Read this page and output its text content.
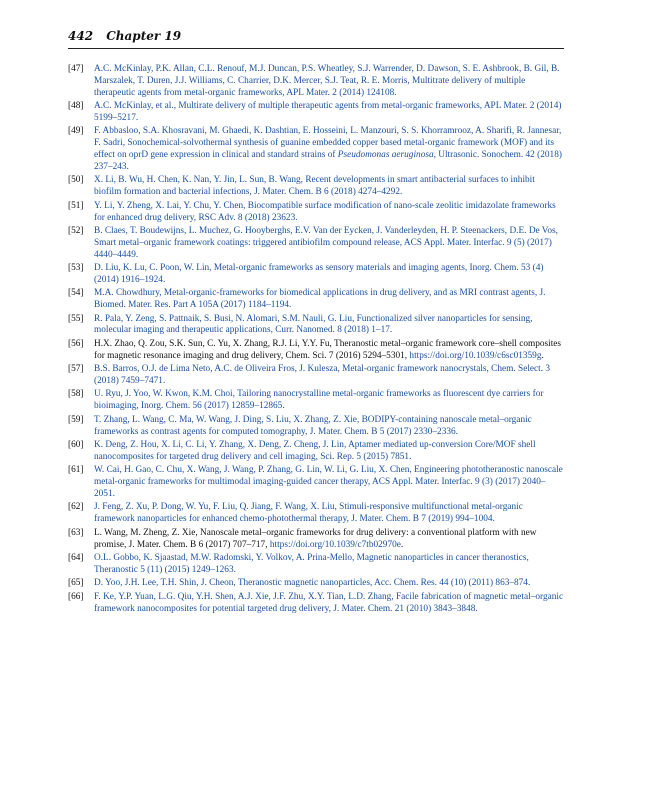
442 Chapter 19
[47] A.C. McKinlay, P.K. Allan, C.L. Renouf, M.J. Duncan, P.S. Wheatley, S.J. Warrender, D. Dawson, S. E. Ashbrook, B. Gil, B. Marszalek, T. Duren, J.J. Williams, C. Charrier, D.K. Mercer, S.J. Teat, R. E. Morris, Multitrate delivery of multiple therapeutic agents from metal-organic frameworks, APL Mater. 2 (2014) 124108.
[48] A.C. McKinlay, et al., Multirate delivery of multiple therapeutic agents from metal-organic frameworks, APL Mater. 2 (2014) 5199–5217.
[49] F. Abbasloo, S.A. Khosravani, M. Ghaedi, K. Dashtian, E. Hosseini, L. Manzouri, S. S. Khorramrooz, A. Sharifi, R. Jannesar, F. Sadri, Sonochemical-solvothermal synthesis of guanine embedded copper based metal-organic framework (MOF) and its effect on oprD gene expression in clinical and standard strains of Pseudomonas aeruginosa, Ultrasonic. Sonochem. 42 (2018) 237–243.
[50] X. Li, B. Wu, H. Chen, K. Nan, Y. Jin, L. Sun, B. Wang, Recent developments in smart antibacterial surfaces to inhibit biofilm formation and bacterial infections, J. Mater. Chem. B 6 (2018) 4274–4292.
[51] Y. Li, Y. Zheng, X. Lai, Y. Chu, Y. Chen, Biocompatible surface modification of nano-scale zeolitic imidazolate frameworks for enhanced drug delivery, RSC Adv. 8 (2018) 23623.
[52] B. Claes, T. Boudewijns, L. Muchez, G. Hooyberghs, E.V. Van der Eycken, J. Vanderleyden, H. P. Steenackers, D.E. De Vos, Smart metal–organic framework coatings: triggered antibiofilm compound release, ACS Appl. Mater. Interfac. 9 (5) (2017) 4440–4449.
[53] D. Liu, K. Lu, C. Poon, W. Lin, Metal-organic frameworks as sensory materials and imaging agents, Inorg. Chem. 53 (4) (2014) 1916–1924.
[54] M.A. Chowdhury, Metal-organic-frameworks for biomedical applications in drug delivery, and as MRI contrast agents, J. Biomed. Mater. Res. Part A 105A (2017) 1184–1194.
[55] R. Pala, Y. Zeng, S. Pattnaik, S. Busi, N. Alomari, S.M. Nauli, G. Liu, Functionalized silver nanoparticles for sensing, molecular imaging and therapeutic applications, Curr. Nanomed. 8 (2018) 1–17.
[56] H.X. Zhao, Q. Zou, S.K. Sun, C. Yu, X. Zhang, R.J. Li, Y.Y. Fu, Theranostic metal–organic framework core–shell composites for magnetic resonance imaging and drug delivery, Chem. Sci. 7 (2016) 5294–5301, https://doi.org/10.1039/c6sc01359g.
[57] B.S. Barros, O.J. de Lima Neto, A.C. de Oliveira Fros, J. Kulesza, Metal-organic framework nanocrystals, Chem. Select. 3 (2018) 7459–7471.
[58] U. Ryu, J. Yoo, W. Kwon, K.M. Choi, Tailoring nanocrystalline metal-organic frameworks as fluorescent dye carriers for bioimaging, Inorg. Chem. 56 (2017) 12859–12865.
[59] T. Zhang, L. Wang, C. Ma, W. Wang, J. Ding, S. Liu, X. Zhang, Z. Xie, BODIPY-containing nanoscale metal–organic frameworks as contrast agents for computed tomography, J. Mater. Chem. B 5 (2017) 2330–2336.
[60] K. Deng, Z. Hou, X. Li, C. Li, Y. Zhang, X. Deng, Z. Cheng, J. Lin, Aptamer mediated up-conversion Core/MOF shell nanocomposites for targeted drug delivery and cell imaging, Sci. Rep. 5 (2015) 7851.
[61] W. Cai, H. Gao, C. Chu, X. Wang, J. Wang, P. Zhang, G. Lin, W. Li, G. Liu, X. Chen, Engineering phototheranostic nanoscale metal-organic frameworks for multimodal imaging-guided cancer therapy, ACS Appl. Mater. Interfac. 9 (3) (2017) 2040–2051.
[62] J. Feng, Z. Xu, P. Dong, W. Yu, F. Liu, Q. Jiang, F. Wang, X. Liu, Stimuli-responsive multifunctional metal-organic framework nanoparticles for enhanced chemo-photothermal therapy, J. Mater. Chem. B 7 (2019) 994–1004.
[63] L. Wang, M. Zheng, Z. Xie, Nanoscale metal–organic frameworks for drug delivery: a conventional platform with new promise, J. Mater. Chem. B 6 (2017) 707–717, https://doi.org/10.1039/c7tb02970e.
[64] O.L. Gobbo, K. Sjaastad, M.W. Radomski, Y. Volkov, A. Prina-Mello, Magnetic nanoparticles in cancer theranostics, Theranostic 5 (11) (2015) 1249–1263.
[65] D. Yoo, J.H. Lee, T.H. Shin, J. Cheon, Theranostic magnetic nanoparticles, Acc. Chem. Res. 44 (10) (2011) 863–874.
[66] F. Ke, Y.P. Yuan, L.G. Qiu, Y.H. Shen, A.J. Xie, J.F. Zhu, X.Y. Tian, L.D. Zhang, Facile fabrication of magnetic metal–organic framework nanocomposites for potential targeted drug delivery, J. Mater. Chem. 21 (2010) 3843–3848.
